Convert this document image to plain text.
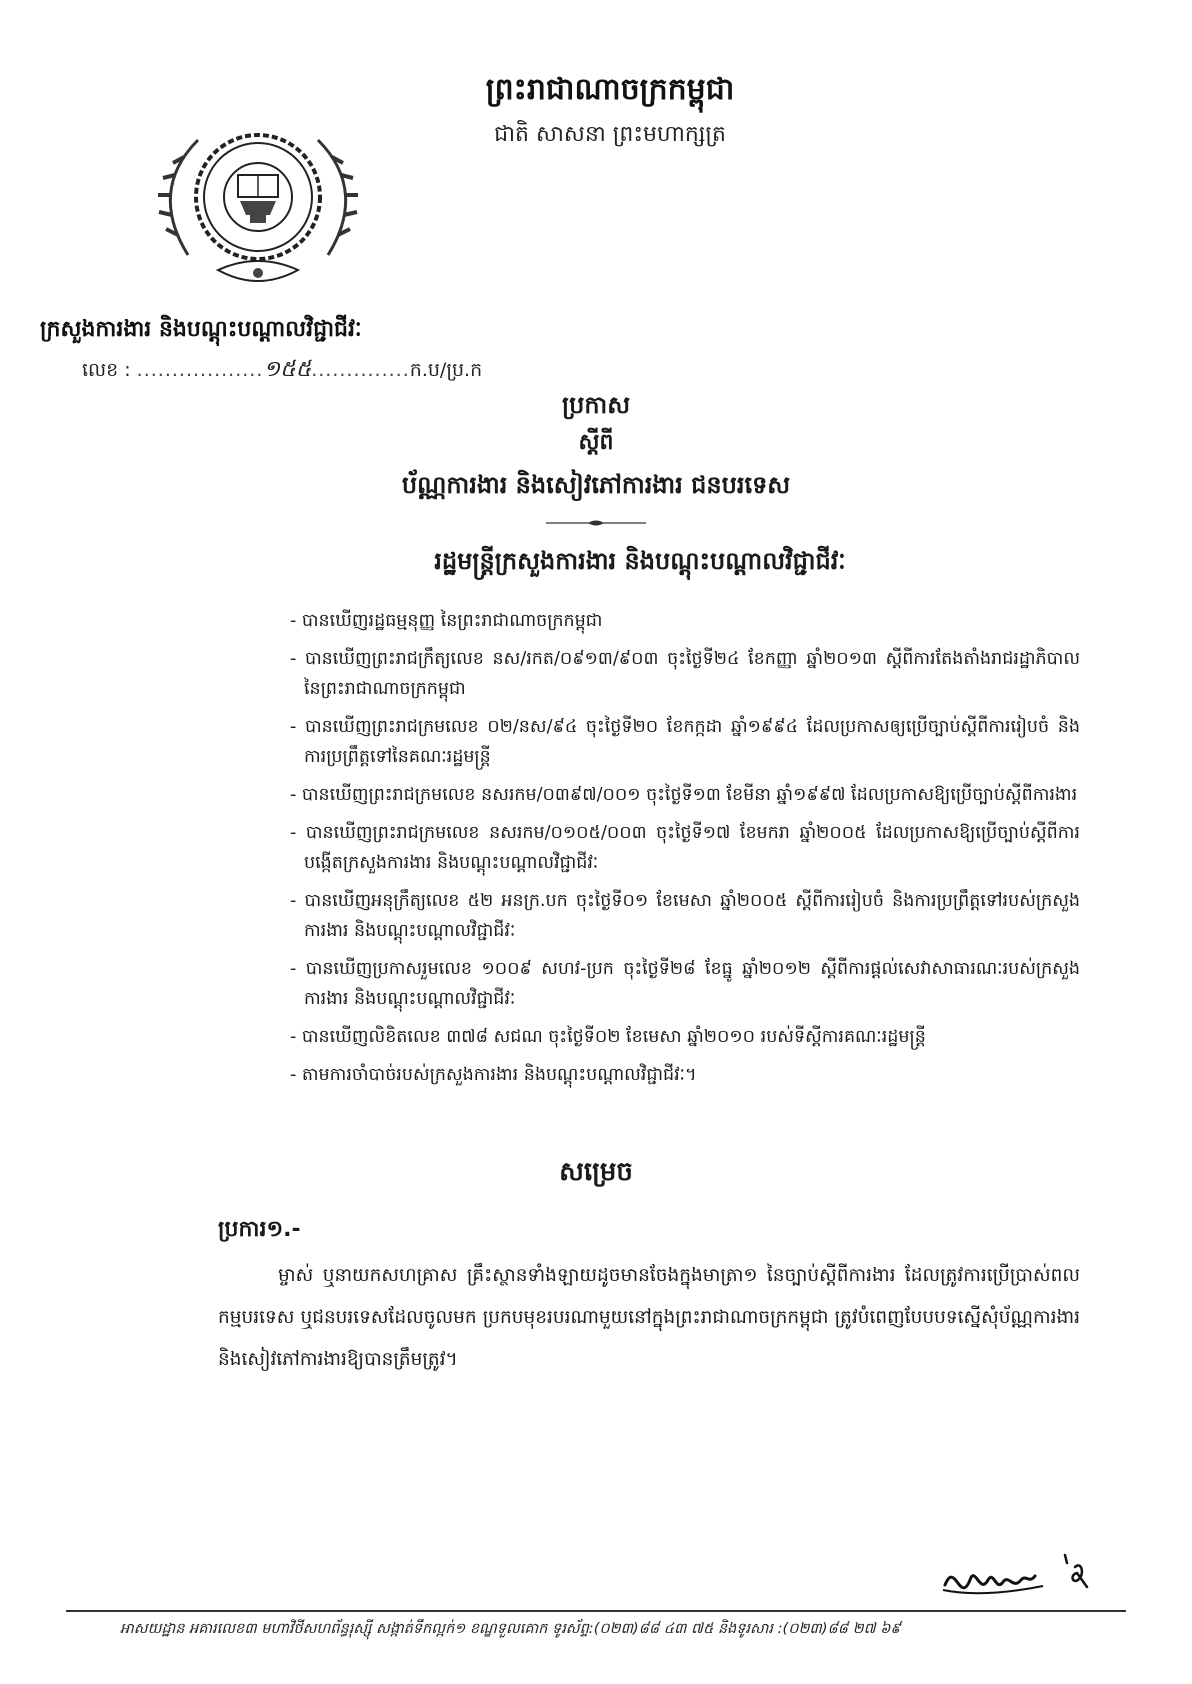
ព្រះរាជាណាចក្រកម្ពុជា
ជាតិ សាសនា ព្រះមហាក្សត្រ
ក្រសួងការងារ និងបណ្តុះបណ្តាលវិជ្ជាជីវៈ
លេខ : ..................១៥៥..............ក.ប/ប្រ.ក
ប្រកាស
ស្តីពី
ប័ណ្ណការងារ និងសៀវភៅការងារ ជនបរទេស
រដ្ឋមន្ត្រីក្រសួងការងារ និងបណ្តុះបណ្តាលវិជ្ជាជីវៈ
- បានឃើញរដ្ឋធម្មនុញ្ញ នៃព្រះរាជាណាចក្រកម្ពុជា
- បានឃើញព្រះរាជក្រឹត្យលេខ នស/រកត/០៩១៣/៩០៣ ចុះថ្ងៃទី២៤ ខែកញ្ញា ឆ្នាំ២០១៣ ស្តីពីការតែងតាំងរាជរដ្ឋាភិបាល នៃព្រះរាជាណាចក្រកម្ពុជា
- បានឃើញព្រះរាជក្រមលេខ ០២/នស/៩៤ ចុះថ្ងៃទី២០ ខែកក្កដា ឆ្នាំ១៩៩៤ ដែលប្រកាសឲ្យប្រើច្បាប់ស្តីពីការរៀបចំ និងការប្រព្រឹត្តទៅនៃគណៈរដ្ឋមន្ត្រី
- បានឃើញព្រះរាជក្រមលេខ នសរកម/០៣៩៧/០០១ ចុះថ្ងៃទី១៣ ខែមីនា ឆ្នាំ១៩៩៧ ដែលប្រកាសឱ្យប្រើច្បាប់ស្តីពីការងារ
- បានឃើញព្រះរាជក្រមលេខ នសរកម/០១០៥/០០៣ ចុះថ្ងៃទី១៧ ខែមករា ឆ្នាំ២០០៥ ដែលប្រកាសឱ្យប្រើច្បាប់ស្តីពីការបង្កើតក្រសួងការងារ និងបណ្តុះបណ្តាលវិជ្ជាជីវៈ
- បានឃើញអនុក្រឹត្យលេខ ៥២ អនក្រ.បក ចុះថ្ងៃទី០១ ខែមេសា ឆ្នាំ២០០៥ ស្តីពីការរៀបចំ និងការប្រព្រឹត្តទៅរបស់ក្រសួងការងារ និងបណ្តុះបណ្តាលវិជ្ជាជីវៈ
- បានឃើញប្រកាសរួមលេខ ១០០៩ សហវ-ប្រក ចុះថ្ងៃទី២៨ ខែធ្នូ ឆ្នាំ២០១២ ស្តីពីការផ្តល់សេវាសាធារណៈរបស់ក្រសួងការងារ និងបណ្តុះបណ្តាលវិជ្ជាជីវៈ
- បានឃើញលិខិតលេខ ៣៧៨ សជណ ចុះថ្ងៃទី០២ ខែមេសា ឆ្នាំ២០១០ របស់ទីស្តីការគណៈរដ្ឋមន្ត្រី
- តាមការចាំបាច់របស់ក្រសួងការងារ និងបណ្តុះបណ្តាលវិជ្ជាជីវៈ។
សម្រេច
ប្រការ១.-

ម្ចាស់ ឬនាយកសហគ្រាស គ្រឹះស្ថានទាំងឡាយដូចមានចែងក្នុងមាត្រា១ នៃច្បាប់ស្តីពីការងារ ដែលត្រូវការប្រើប្រាស់ពលកម្មបរទេស ឬជនបរទេសដែលចូលមក ប្រកបមុខរបរណាមួយនៅក្នុងព្រះរាជាណាចក្រកម្ពុជា ត្រូវបំពេញបែបបទស្នើសុំប័ណ្ណការងារ និងសៀវភៅការងារឱ្យបានត្រឹមត្រូវ។

អាសយដ្ឋាន អគារលេខ៣ មហាវិថីសហព័ន្ធរុស្ស៊ី សង្កាត់ទឹកល្អក់១ ខណ្ឌទួលគោក ទូរស័ព្ទ:(០២៣)៨៨ ៤៣ ៧៥ និងទូរសារ :(០២៣)៨៨ ២៧ ៦៩
